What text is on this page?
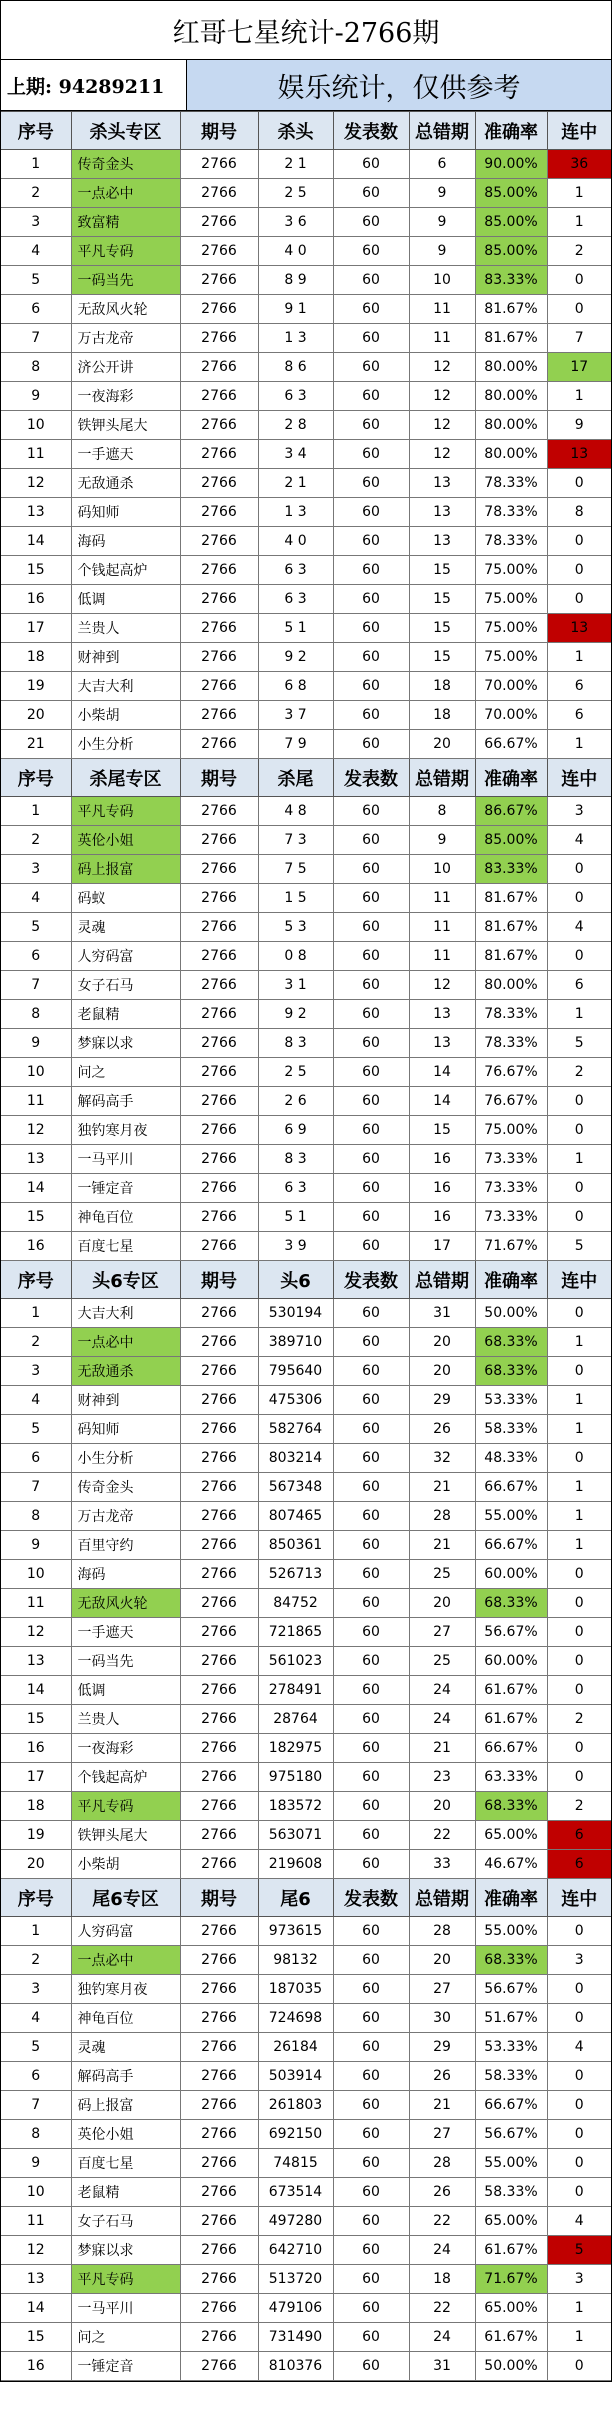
红哥七星统计-2766期
上期: 94289211	娱乐统计，仅供参考
序号	杀头专区	期号	杀头	发表数	总错期	准确率	连中
1	传奇金头	2766	2 1	60	6	90.00%	36
2	一点必中	2766	2 5	60	9	85.00%	1
3	致富精	2766	3 6	60	9	85.00%	1
4	平凡专码	2766	4 0	60	9	85.00%	2
5	一码当先	2766	8 9	60	10	83.33%	0
6	无敌风火轮	2766	9 1	60	11	81.67%	0
7	万古龙帝	2766	1 3	60	11	81.67%	7
8	济公开讲	2766	8 6	60	12	80.00%	17
9	一夜海彩	2766	6 3	60	12	80.00%	1
10	铁钾头尾大	2766	2 8	60	12	80.00%	9
11	一手遮天	2766	3 4	60	12	80.00%	13
12	无敌通杀	2766	2 1	60	13	78.33%	0
13	码知师	2766	1 3	60	13	78.33%	8
14	海码	2766	4 0	60	13	78.33%	0
15	个钱起高炉	2766	6 3	60	15	75.00%	0
16	低调	2766	6 3	60	15	75.00%	0
17	兰贵人	2766	5 1	60	15	75.00%	13
18	财神到	2766	9 2	60	15	75.00%	1
19	大吉大利	2766	6 8	60	18	70.00%	6
20	小柴胡	2766	3 7	60	18	70.00%	6
21	小生分析	2766	7 9	60	20	66.67%	1
序号	杀尾专区	期号	杀尾	发表数	总错期	准确率	连中
1	平凡专码	2766	4 8	60	8	86.67%	3
2	英伦小姐	2766	7 3	60	9	85.00%	4
3	码上报富	2766	7 5	60	10	83.33%	0
4	码蚁	2766	1 5	60	11	81.67%	0
5	灵魂	2766	5 3	60	11	81.67%	4
6	人穷码富	2766	0 8	60	11	81.67%	0
7	女子石马	2766	3 1	60	12	80.00%	6
8	老鼠精	2766	9 2	60	13	78.33%	1
9	梦寐以求	2766	8 3	60	13	78.33%	5
10	问之	2766	2 5	60	14	76.67%	2
11	解码高手	2766	2 6	60	14	76.67%	0
12	独钓寒月夜	2766	6 9	60	15	75.00%	0
13	一马平川	2766	8 3	60	16	73.33%	1
14	一锤定音	2766	6 3	60	16	73.33%	0
15	神龟百位	2766	5 1	60	16	73.33%	0
16	百度七星	2766	3 9	60	17	71.67%	5
序号	头6专区	期号	头6	发表数	总错期	准确率	连中
1	大吉大利	2766	530194	60	31	50.00%	0
2	一点必中	2766	389710	60	20	68.33%	1
3	无敌通杀	2766	795640	60	20	68.33%	0
4	财神到	2766	475306	60	29	53.33%	1
5	码知师	2766	582764	60	26	58.33%	1
6	小生分析	2766	803214	60	32	48.33%	0
7	传奇金头	2766	567348	60	21	66.67%	1
8	万古龙帝	2766	807465	60	28	55.00%	1
9	百里守约	2766	850361	60	21	66.67%	1
10	海码	2766	526713	60	25	60.00%	0
11	无敌风火轮	2766	84752	60	20	68.33%	0
12	一手遮天	2766	721865	60	27	56.67%	0
13	一码当先	2766	561023	60	25	60.00%	0
14	低调	2766	278491	60	24	61.67%	0
15	兰贵人	2766	28764	60	24	61.67%	2
16	一夜海彩	2766	182975	60	21	66.67%	0
17	个钱起高炉	2766	975180	60	23	63.33%	0
18	平凡专码	2766	183572	60	20	68.33%	2
19	铁钾头尾大	2766	563071	60	22	65.00%	6
20	小柴胡	2766	219608	60	33	46.67%	6
序号	尾6专区	期号	尾6	发表数	总错期	准确率	连中
1	人穷码富	2766	973615	60	28	55.00%	0
2	一点必中	2766	98132	60	20	68.33%	3
3	独钓寒月夜	2766	187035	60	27	56.67%	0
4	神龟百位	2766	724698	60	30	51.67%	0
5	灵魂	2766	26184	60	29	53.33%	4
6	解码高手	2766	503914	60	26	58.33%	0
7	码上报富	2766	261803	60	21	66.67%	0
8	英伦小姐	2766	692150	60	27	56.67%	0
9	百度七星	2766	74815	60	28	55.00%	0
10	老鼠精	2766	673514	60	26	58.33%	0
11	女子石马	2766	497280	60	22	65.00%	4
12	梦寐以求	2766	642710	60	24	61.67%	5
13	平凡专码	2766	513720	60	18	71.67%	3
14	一马平川	2766	479106	60	22	65.00%	1
15	问之	2766	731490	60	24	61.67%	1
16	一锤定音	2766	810376	60	31	50.00%	0
